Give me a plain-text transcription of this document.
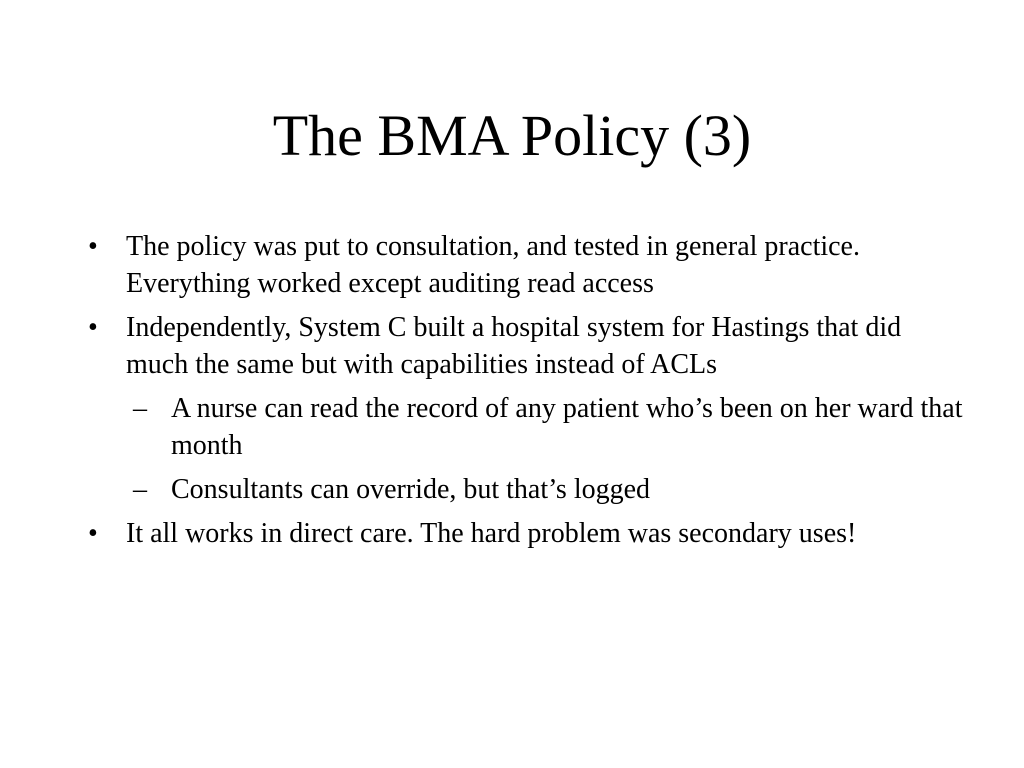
The BMA Policy (3)
•	The policy was put to consultation, and tested in general practice. Everything worked except auditing read access
•	Independently, System C built a hospital system for Hastings that did much the same but with capabilities instead of ACLs
– A nurse can read the record of any patient who’s been on her ward that month
– Consultants can override, but that’s logged
•	It all works in direct care. The hard problem was secondary uses!
